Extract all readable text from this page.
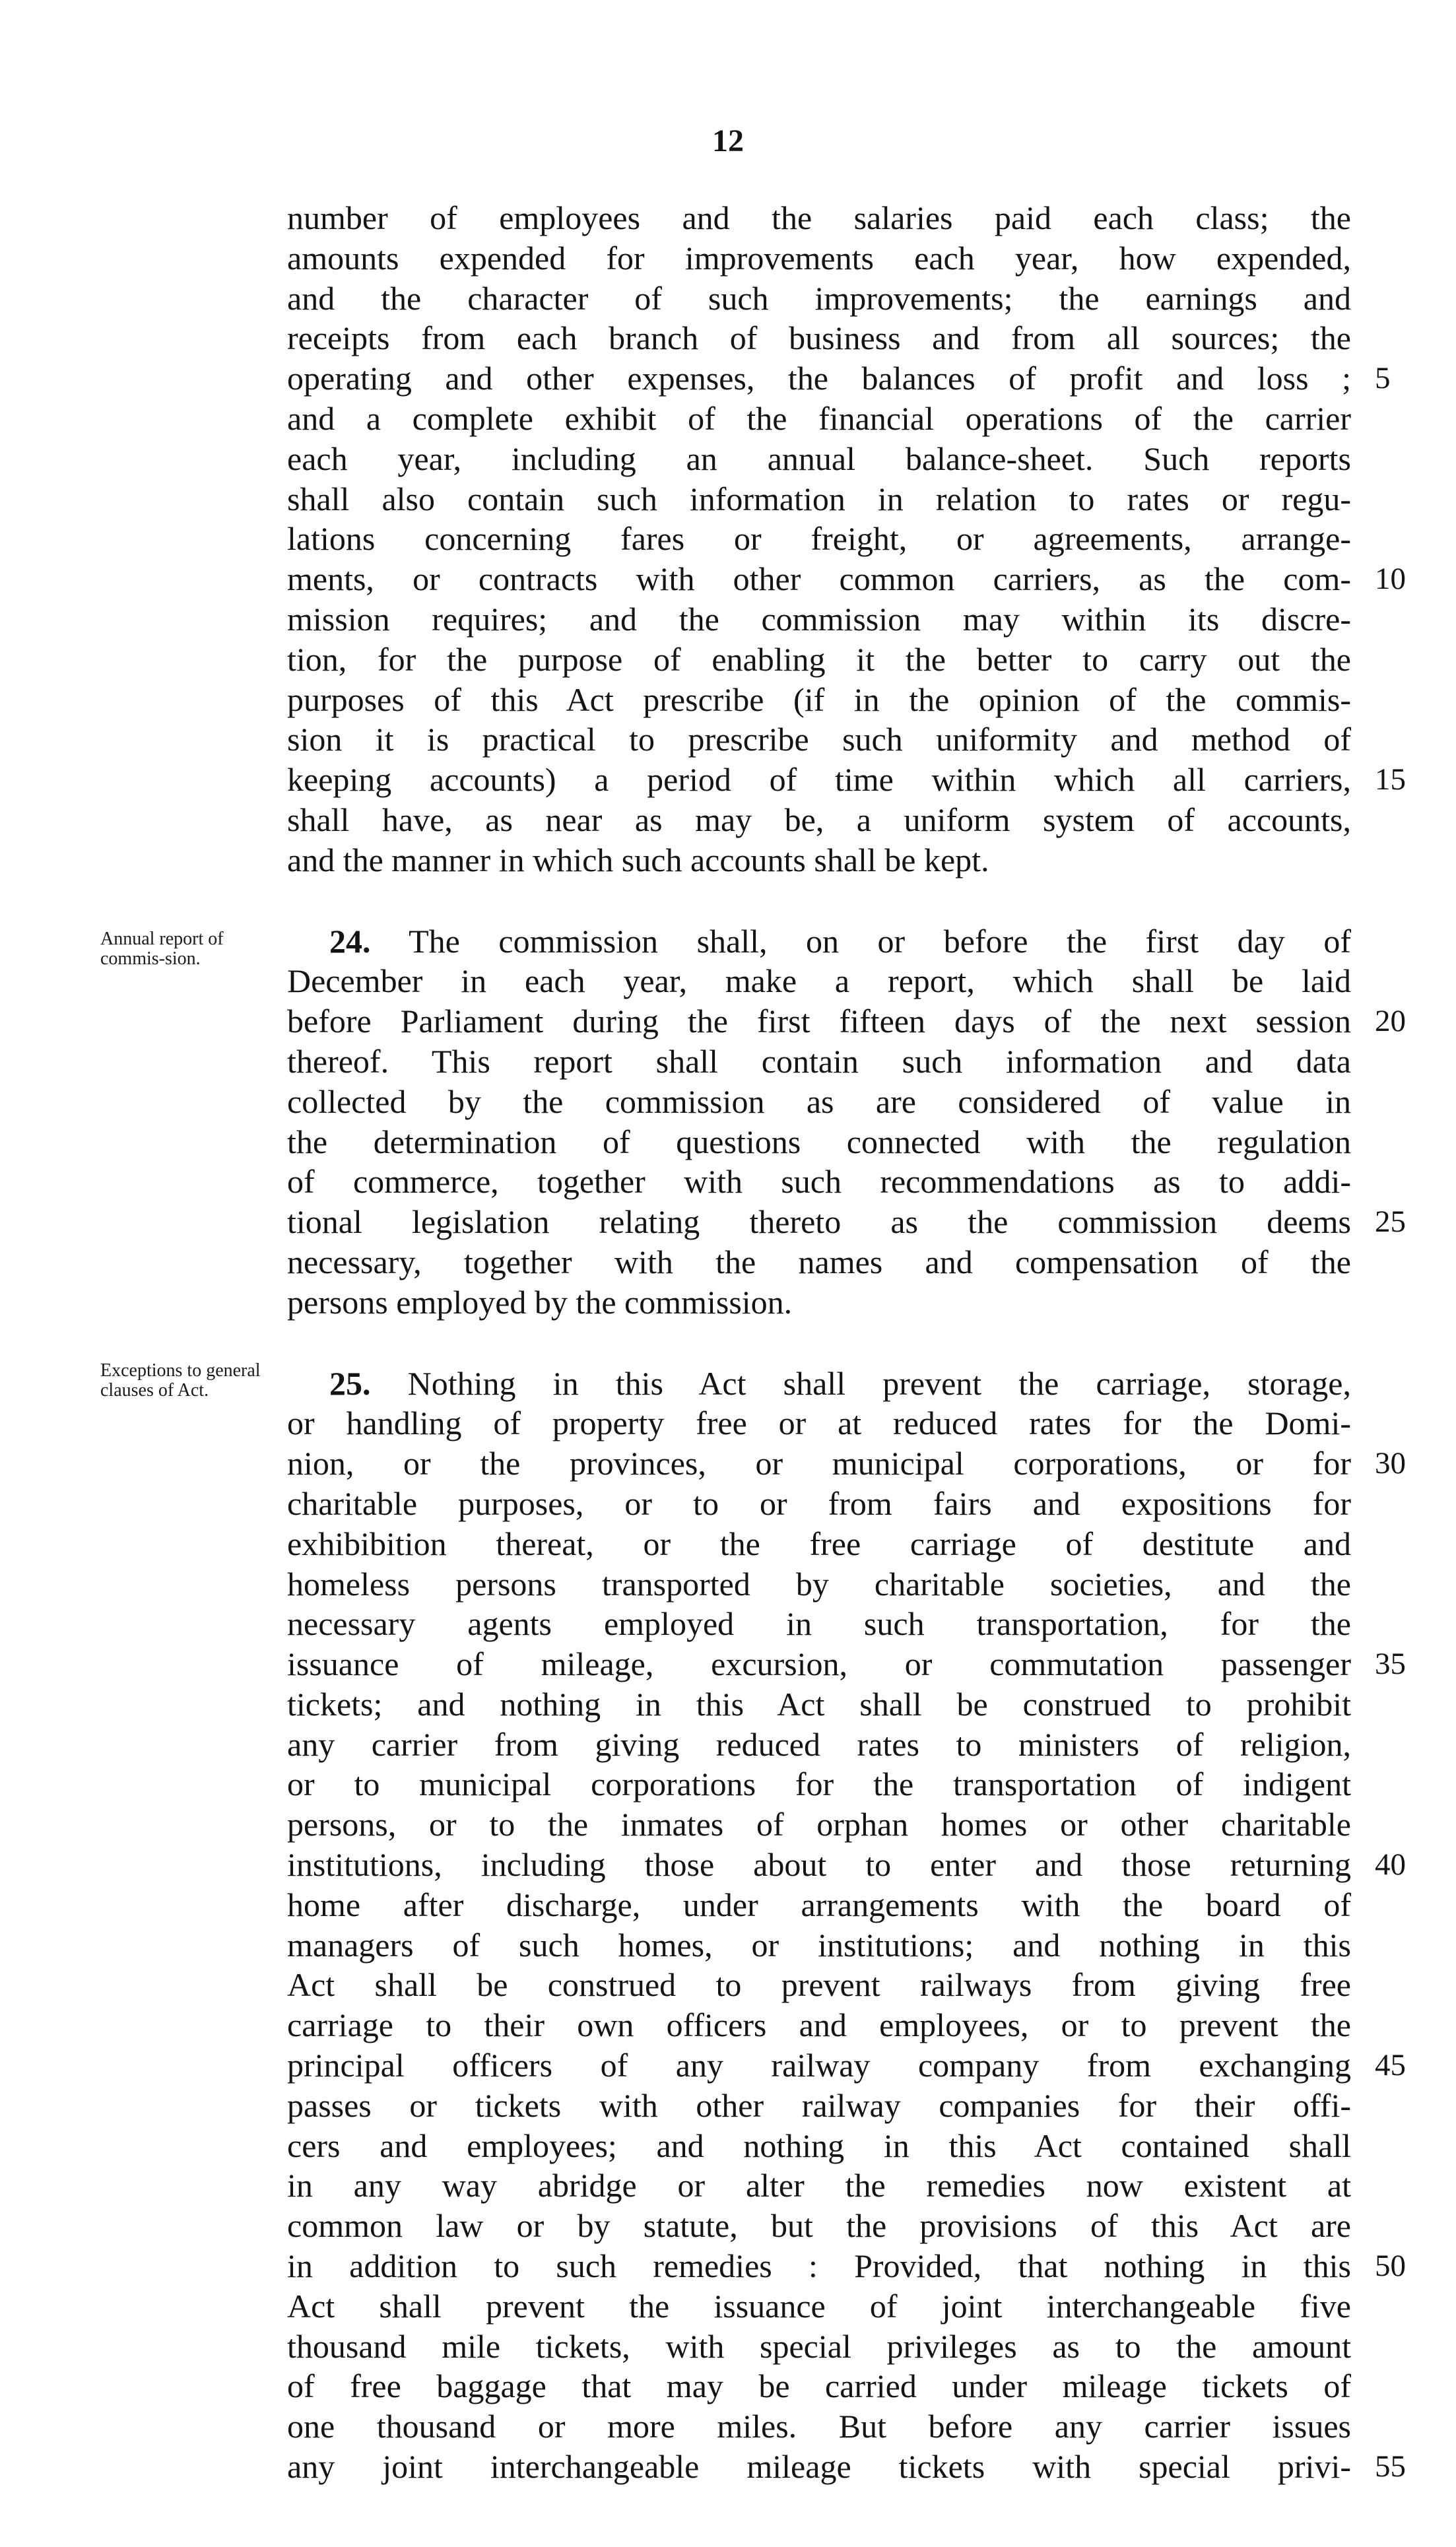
12
Annual report of commis-sion.
Exceptions to general clauses of Act.
number of employees and the salaries paid each class; the
amounts expended for improvements each year, how expended,
and the character of such improvements; the earnings and
receipts from each branch of business and from all sources; the
operating and other expenses, the balances of profit and loss ; 5
and a complete exhibit of the financial operations of the carrier
each year, including an annual balance-sheet. Such reports
shall also contain such information in relation to rates or regu-
lations concerning fares or freight, or agreements, arrange-
ments, or contracts with other common carriers, as the com- 10
mission requires; and the commission may within its discre-
tion, for the purpose of enabling it the better to carry out the
purposes of this Act prescribe (if in the opinion of the commis-
sion it is practical to prescribe such uniformity and method of
keeping accounts) a period of time within which all carriers, 15
shall have, as near as may be, a uniform system of accounts,
and the manner in which such accounts shall be kept.
24. The commission shall, on or before the first day of
December in each year, make a report, which shall be laid
before Parliament during the first fifteen days of the next session 20
thereof. This report shall contain such information and data
collected by the commission as are considered of value in
the determination of questions connected with the regulation
of commerce, together with such recommendations as to addi-
tional legislation relating thereto as the commission deems 25
necessary, together with the names and compensation of the
persons employed by the commission.
25. Nothing in this Act shall prevent the carriage, storage,
or handling of property free or at reduced rates for the Domi-
nion, or the provinces, or municipal corporations, or for 30
charitable purposes, or to or from fairs and expositions for
exhibibition thereat, or the free carriage of destitute and
homeless persons transported by charitable societies, and the
necessary agents employed in such transportation, for the
issuance of mileage, excursion, or commutation passenger 35
tickets; and nothing in this Act shall be construed to prohibit
any carrier from giving reduced rates to ministers of religion,
or to municipal corporations for the transportation of indigent
persons, or to the inmates of orphan homes or other charitable
institutions, including those about to enter and those returning 40
home after discharge, under arrangements with the board of
managers of such homes, or institutions; and nothing in this
Act shall be construed to prevent railways from giving free
carriage to their own officers and employees, or to prevent the
principal officers of any railway company from exchanging 45
passes or tickets with other railway companies for their offi-
cers and employees; and nothing in this Act contained shall
in any way abridge or alter the remedies now existent at
common law or by statute, but the provisions of this Act are
in addition to such remedies : Provided, that nothing in this 50
Act shall prevent the issuance of joint interchangeable five
thousand mile tickets, with special privileges as to the amount
of free baggage that may be carried under mileage tickets of
one thousand or more miles. But before any carrier issues
any joint interchangeable mileage tickets with special privi- 55
